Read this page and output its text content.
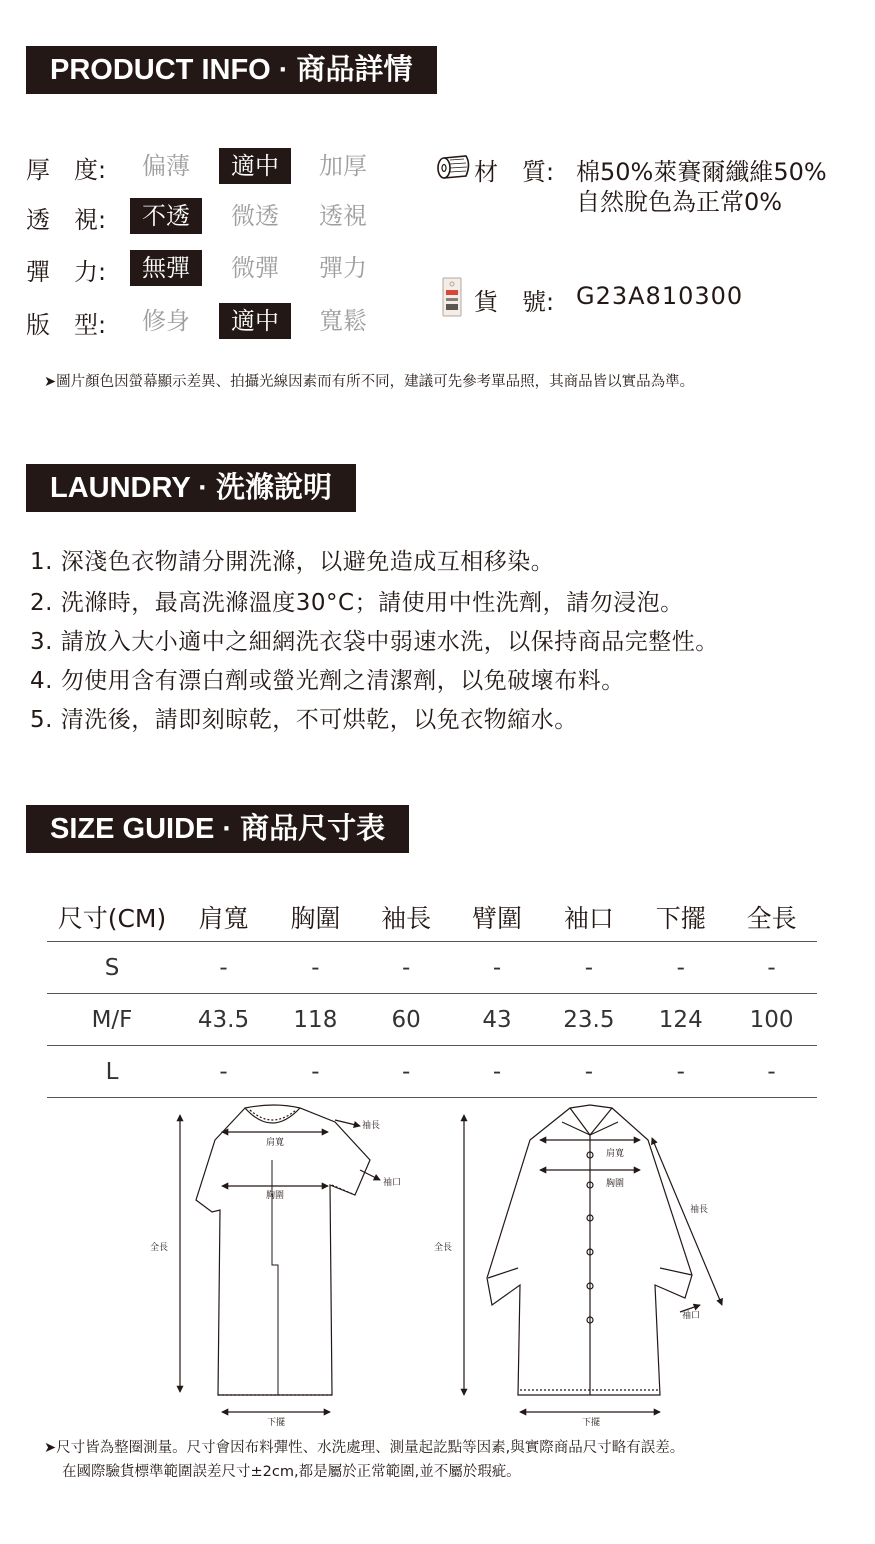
PRODUCT INFO · 商品詳情
厚　度:	偏薄	適中	加厚
透　視:	不透	微透	透視
彈　力:	無彈	微彈	彈力
版　型:	修身	適中	寬鬆
材　質: 棉50%萊賽爾纖維50%
自然脫色為正常0%
貨　號: G23A810300
➤圖片顏色因螢幕顯示差異、拍攝光線因素而有所不同，建議可先參考單品照，其商品皆以實品為準。
LAUNDRY · 洗滌說明
1. 深淺色衣物請分開洗滌，以避免造成互相移染。
2. 洗滌時，最高洗滌溫度30°C；請使用中性洗劑，請勿浸泡。
3. 請放入大小適中之細網洗衣袋中弱速水洗，以保持商品完整性。
4. 勿使用含有漂白劑或螢光劑之清潔劑，以免破壞布料。
5. 清洗後，請即刻晾乾，不可烘乾，以免衣物縮水。
SIZE GUIDE · 商品尺寸表
尺寸(CM)	肩寬	胸圍	袖長	臂圍	袖口	下擺	全長
S	-	-	-	-	-	-	-
M/F	43.5	118	60	43	23.5	124	100
L	-	-	-	-	-	-	-
肩寬
胸圍
袖長
袖口
全長
下擺
肩寬
胸圍
袖長
袖口
全長
下擺
➤尺寸皆為整圈測量。尺寸會因布料彈性、水洗處理、測量起訖點等因素,與實際商品尺寸略有誤差。
在國際驗貨標準範圍誤差尺寸±2cm,都是屬於正常範圍,並不屬於瑕疵。
